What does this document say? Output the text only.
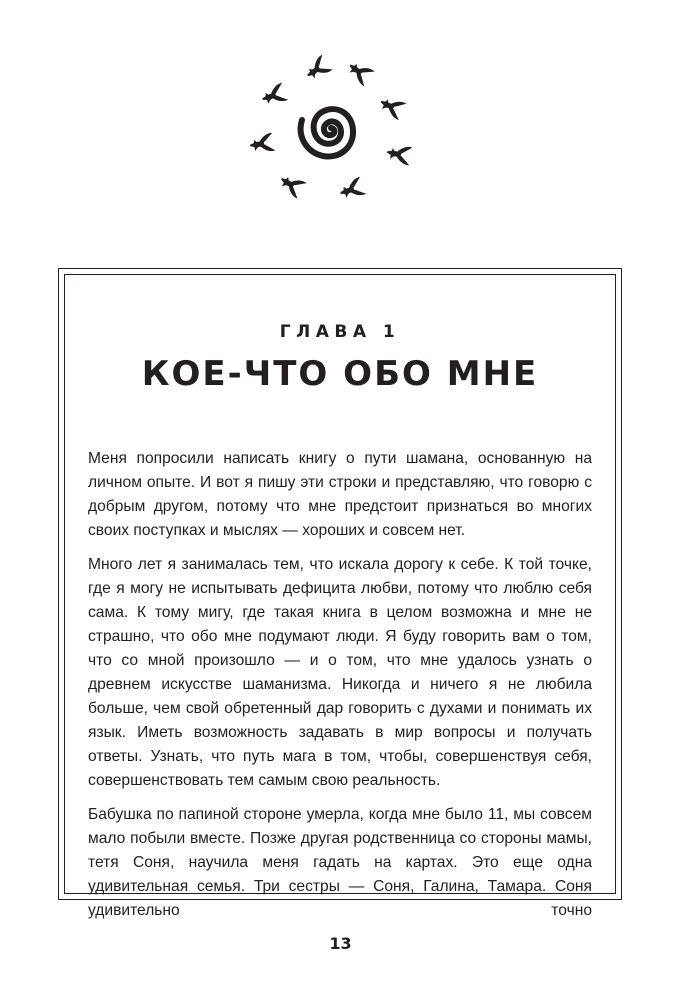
ГЛАВА 1
КОЕ-ЧТО ОБО МНЕ

Меня попросили написать книгу о пути шамана, основанную на личном опыте. И вот я пишу эти строки и представляю, что говорю с добрым другом, потому что мне предстоит признаться во многих своих поступках и мыслях — хороших и совсем нет.

Много лет я занималась тем, что искала дорогу к себе. К той точке, где я могу не испытывать дефицита любви, потому что люблю себя сама. К тому мигу, где такая книга в целом возможна и мне не страшно, что обо мне подумают люди. Я буду говорить вам о том, что со мной произошло — и о том, что мне удалось узнать о древнем искусстве шаманизма. Никогда и ничего я не любила больше, чем свой обретенный дар говорить с духами и понимать их язык. Иметь возможность задавать в мир вопросы и получать ответы. Узнать, что путь мага в том, чтобы, совершенствуя себя, совершенствовать тем самым свою реальность.

Бабушка по папиной стороне умерла, когда мне было 11, мы совсем мало побыли вместе. Позже другая родственница со стороны мамы, тетя Соня, научила меня гадать на картах. Это еще одна удивительная семья. Три сестры — Соня, Галина, Тамара. Соня удивительно точно

13
